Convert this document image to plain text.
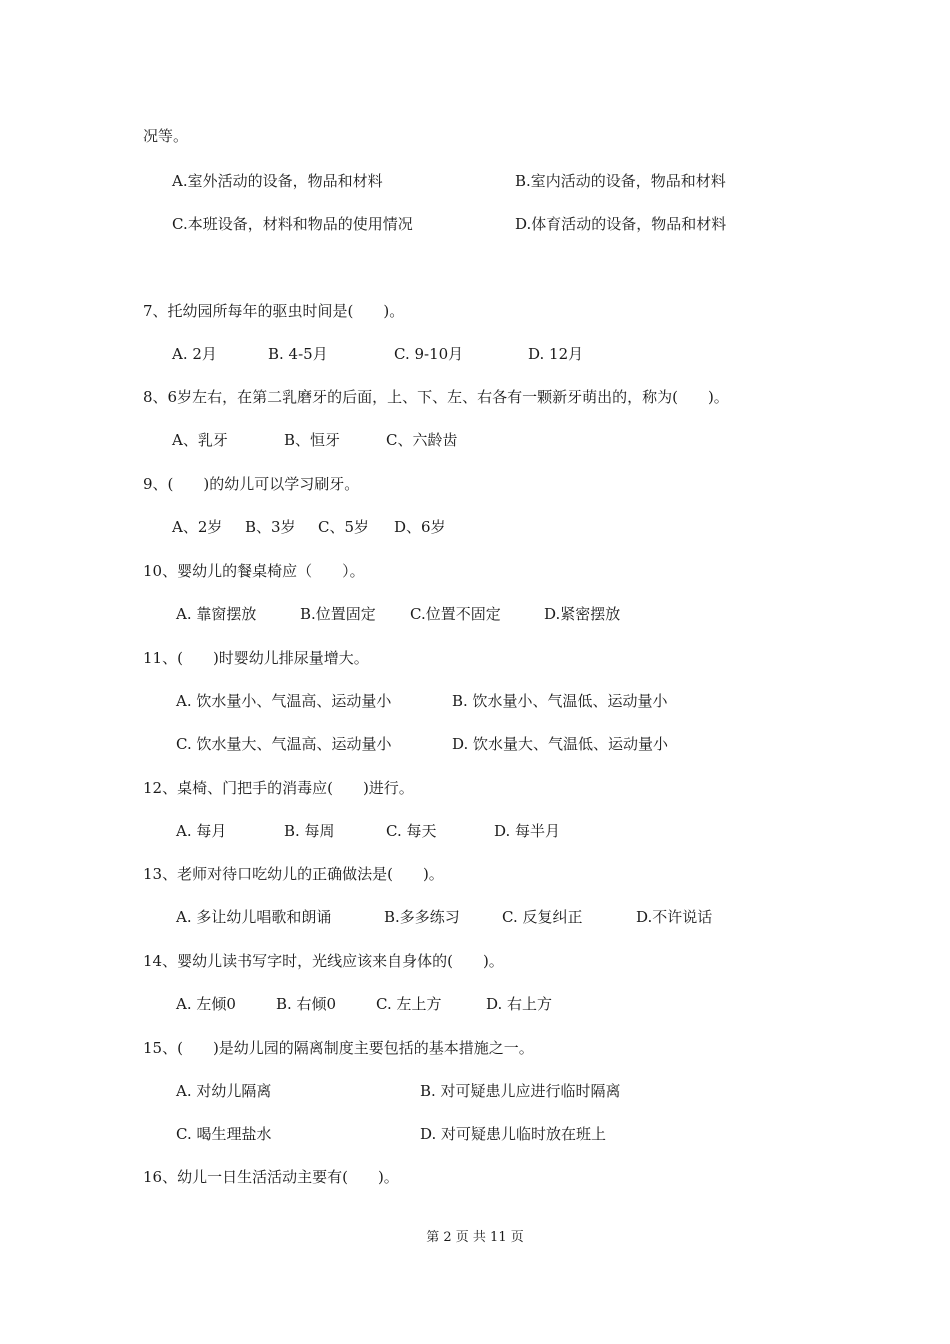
况等。
A.室外活动的设备，物品和材料	B.室内活动的设备，物品和材料
C.本班设备，材料和物品的使用情况	D.体育活动的设备，物品和材料
7、托幼园所每年的驱虫时间是(　　)。
A. 2月	B. 4-5月	C. 9-10月	D. 12月
8、6岁左右，在第二乳磨牙的后面，上、下、左、右各有一颗新牙萌出的，称为(　　)。
A、乳牙	B、恒牙	C、六龄齿
9、(　　)的幼儿可以学习刷牙。
A、2岁 B、3岁 C、5岁 D、6岁
10、婴幼儿的餐桌椅应（　　）。
A. 靠窗摆放	B.位置固定 C.位置不固定	D.紧密摆放
11、(　　)时婴幼儿排尿量增大。
A. 饮水量小、气温高、运动量小	B. 饮水量小、气温低、运动量小
C. 饮水量大、气温高、运动量小	D. 饮水量大、气温低、运动量小
12、桌椅、门把手的消毒应(　　)进行。
A. 每月	B. 每周	C. 每天	D. 每半月
13、老师对待口吃幼儿的正确做法是(　　)。
A. 多让幼儿唱歌和朗诵	B.多多练习	C. 反复纠正	D.不许说话
14、婴幼儿读书写字时，光线应该来自身体的(　　)。
A. 左倾0	B. 右倾0	C. 左上方	D. 右上方
15、(　　)是幼儿园的隔离制度主要包括的基本措施之一。
A. 对幼儿隔离	B. 对可疑患儿应进行临时隔离
C. 喝生理盐水	D. 对可疑患儿临时放在班上
16、幼儿一日生活活动主要有(　　)。
第 2 页 共 11 页
